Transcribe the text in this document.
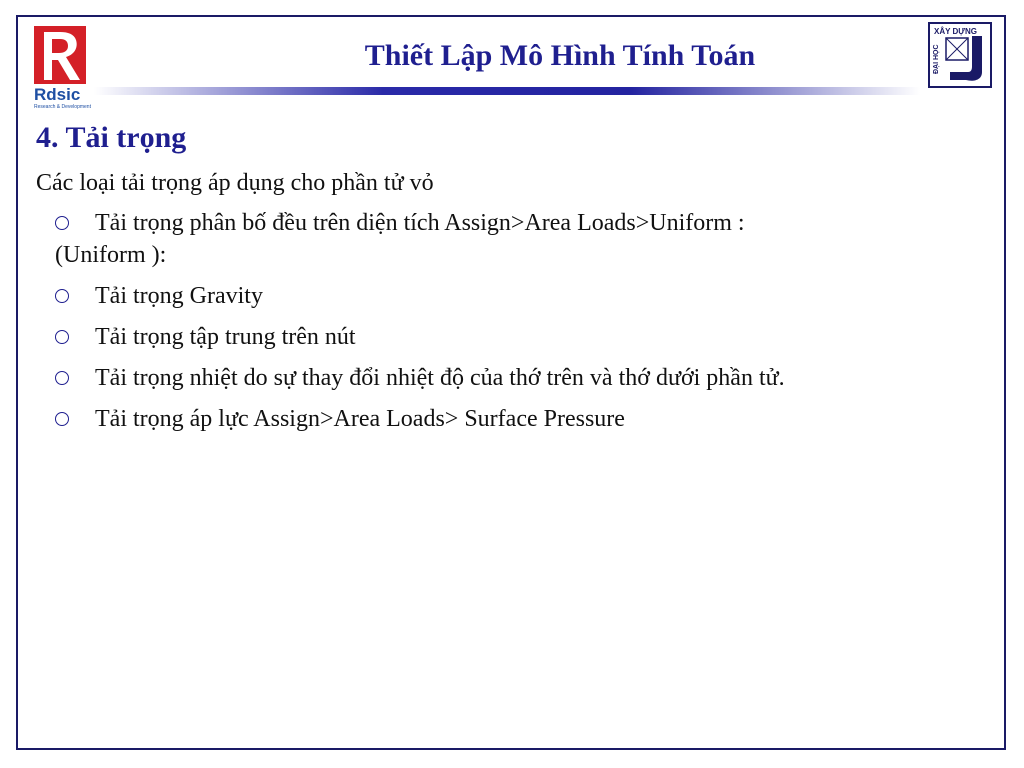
Rdsic
Research & Development
Thiết Lập Mô Hình Tính Toán
XÂY DỰNG
ĐẠI HỌC
4. Tải trọng
Các loại tải trọng áp dụng cho phần tử vỏ
Tải trọng phân bố đều trên diện tích Assign>Area Loads>Uniform :
(Uniform ):
Tải trọng Gravity
Tải trọng tập trung trên nút
Tải trọng nhiệt do sự thay đổi nhiệt độ của thớ trên và thớ dưới phần tử.
Tải trọng áp lực Assign>Area Loads> Surface Pressure
